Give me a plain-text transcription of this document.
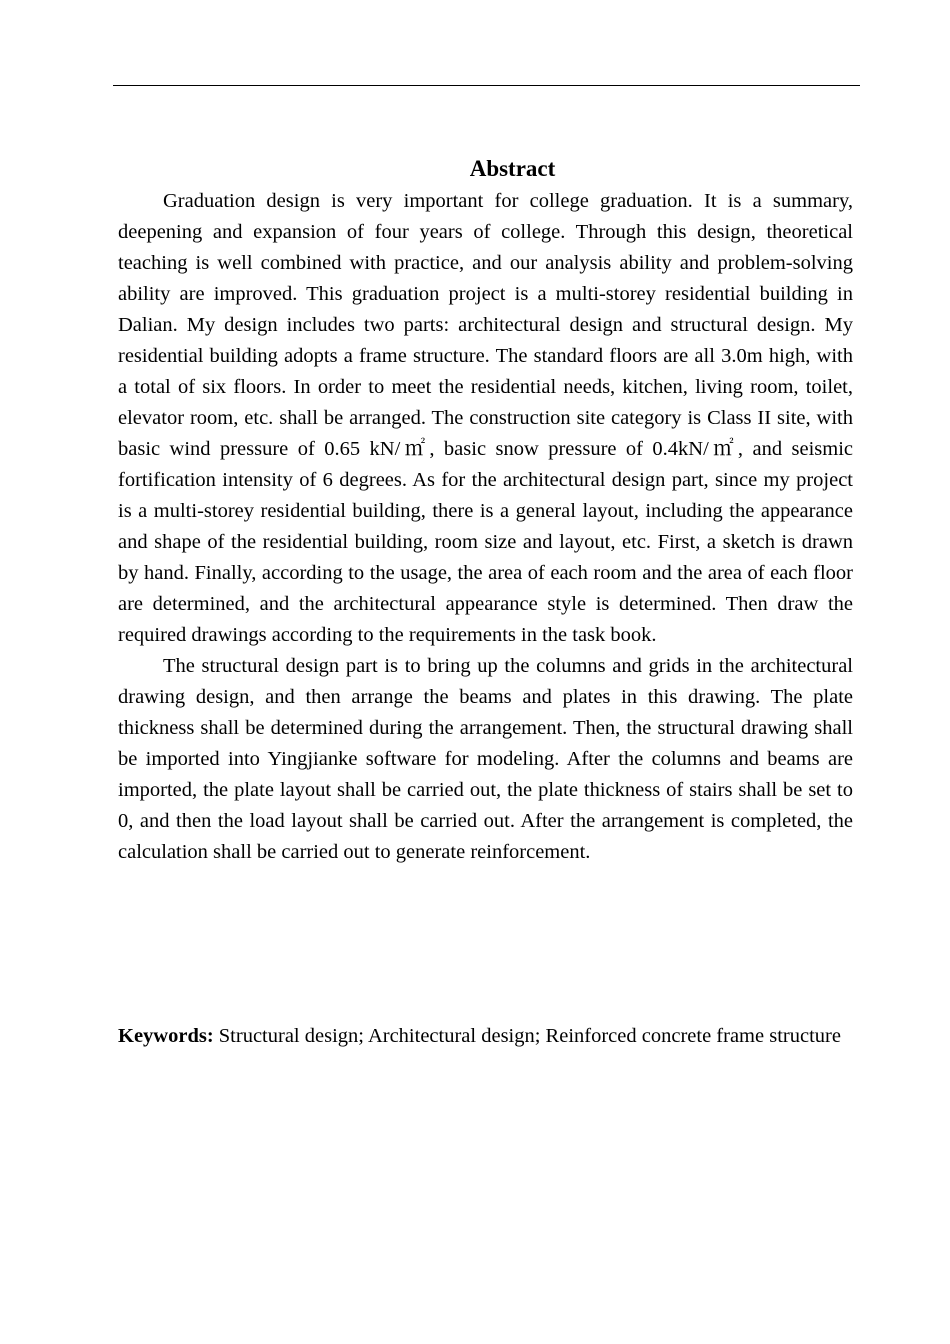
Abstract

Graduation design is very important for college graduation. It is a summary, deepening and expansion of four years of college. Through this design, theoretical teaching is well combined with practice, and our analysis ability and problem-solving ability are improved. This graduation project is a multi-storey residential building in Dalian. My design includes two parts: architectural design and structural design. My residential building adopts a frame structure. The standard floors are all 3.0m high, with a total of six floors. In order to meet the residential needs, kitchen, living room, toilet, elevator room, etc. shall be arranged. The construction site category is Class II site, with basic wind pressure of 0.65 kN/㎡, basic snow pressure of 0.4kN/㎡, and seismic fortification intensity of 6 degrees. As for the architectural design part, since my project is a multi-storey residential building, there is a general layout, including the appearance and shape of the residential building, room size and layout, etc. First, a sketch is drawn by hand. Finally, according to the usage, the area of each room and the area of each floor are determined, and the architectural appearance style is determined. Then draw the required drawings according to the requirements in the task book.

The structural design part is to bring up the columns and grids in the architectural drawing design, and then arrange the beams and plates in this drawing. The plate thickness shall be determined during the arrangement. Then, the structural drawing shall be imported into Yingjianke software for modeling. After the columns and beams are imported, the plate layout shall be carried out, the plate thickness of stairs shall be set to 0, and then the load layout shall be carried out. After the arrangement is completed, the calculation shall be carried out to generate reinforcement.

Keywords: Structural design; Architectural design; Reinforced concrete frame structure
